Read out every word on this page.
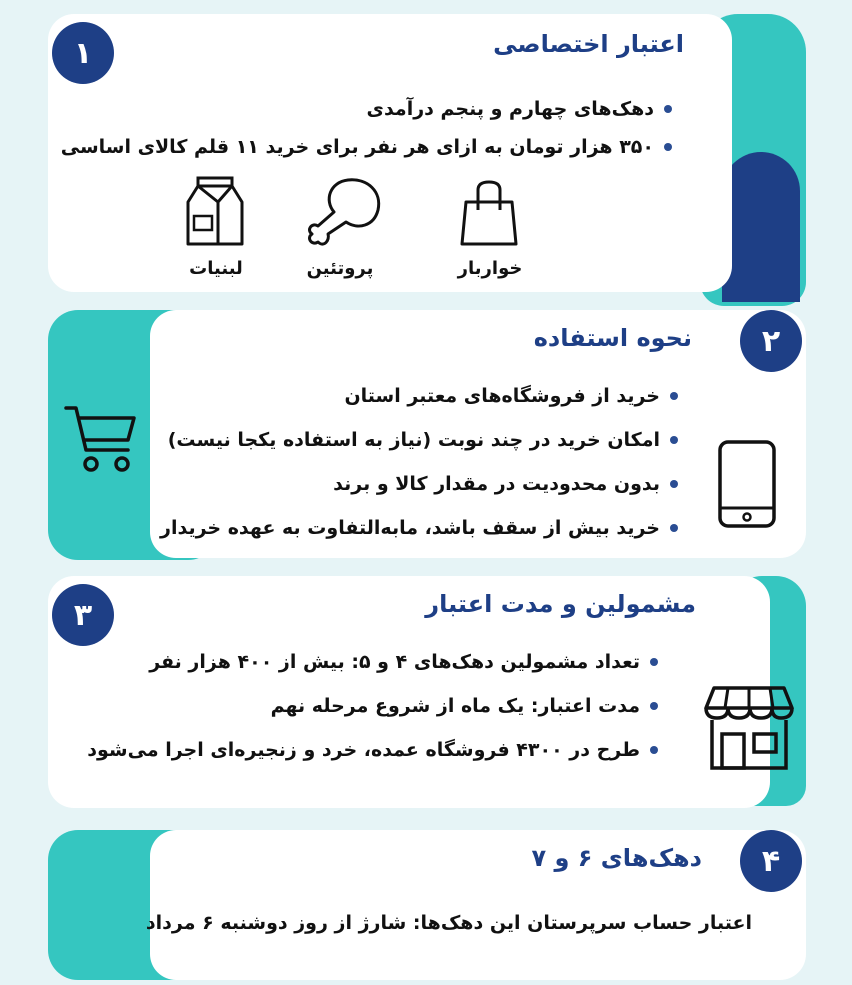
۱	اعتبار اختصاصی
دهک‌های چهارم و پنجم درآمدی
۳۵۰ هزار تومان به ازای هر نفر برای خرید ۱۱ قلم کالای اساسی
خواربار
پروتئین
لبنیات
۲
نحوه استفاده
خرید از فروشگاه‌های معتبر استان
امکان خرید در چند نوبت (نیاز به استفاده یکجا نیست)
بدون محدودیت در مقدار کالا و برند
خرید بیش از سقف باشد، مابه‌التفاوت به عهده خریدار
۳	مشمولین و مدت اعتبار
تعداد مشمولین دهک‌های ۴ و ۵: بیش از ۴۰۰ هزار نفر
مدت اعتبار: یک ماه از شروع مرحله نهم
طرح در ۴۳۰۰ فروشگاه عمده، خرد و زنجیره‌ای اجرا می‌شود
۴
دهک‌های ۶ و ۷
اعتبار حساب سرپرستان این دهک‌ها: شارژ از روز دوشنبه ۶ مرداد
